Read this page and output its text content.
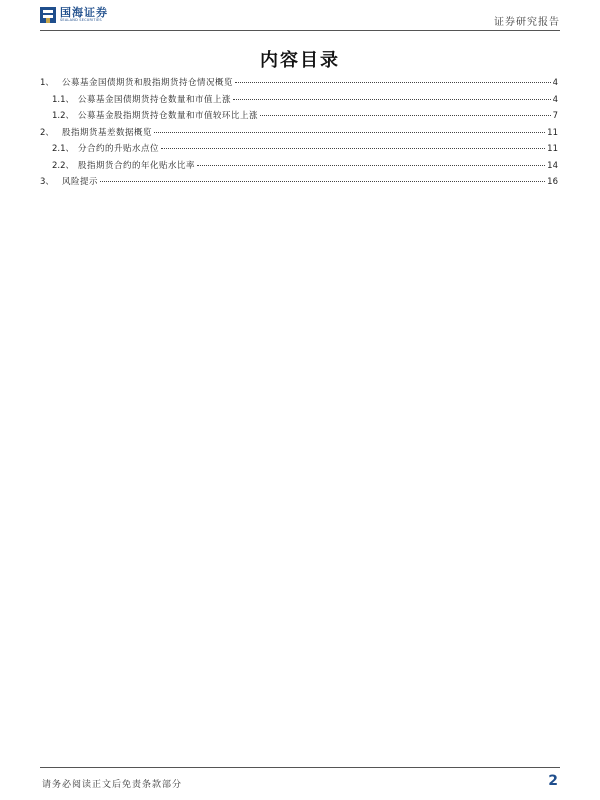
国海证券
SEALAND SECURITIES	证券研究报告
内容目录
1、 公募基金国债期货和股指期货持仓情况概览	4
1.1、 公募基金国债期货持仓数量和市值上涨	4
1.2、 公募基金股指期货持仓数量和市值较环比上涨	7
2、 股指期货基差数据概览	11
2.1、 分合约的升贴水点位	11
2.2、 股指期货合约的年化贴水比率	14
3、 风险提示	16
请务必阅读正文后免责条款部分	2
